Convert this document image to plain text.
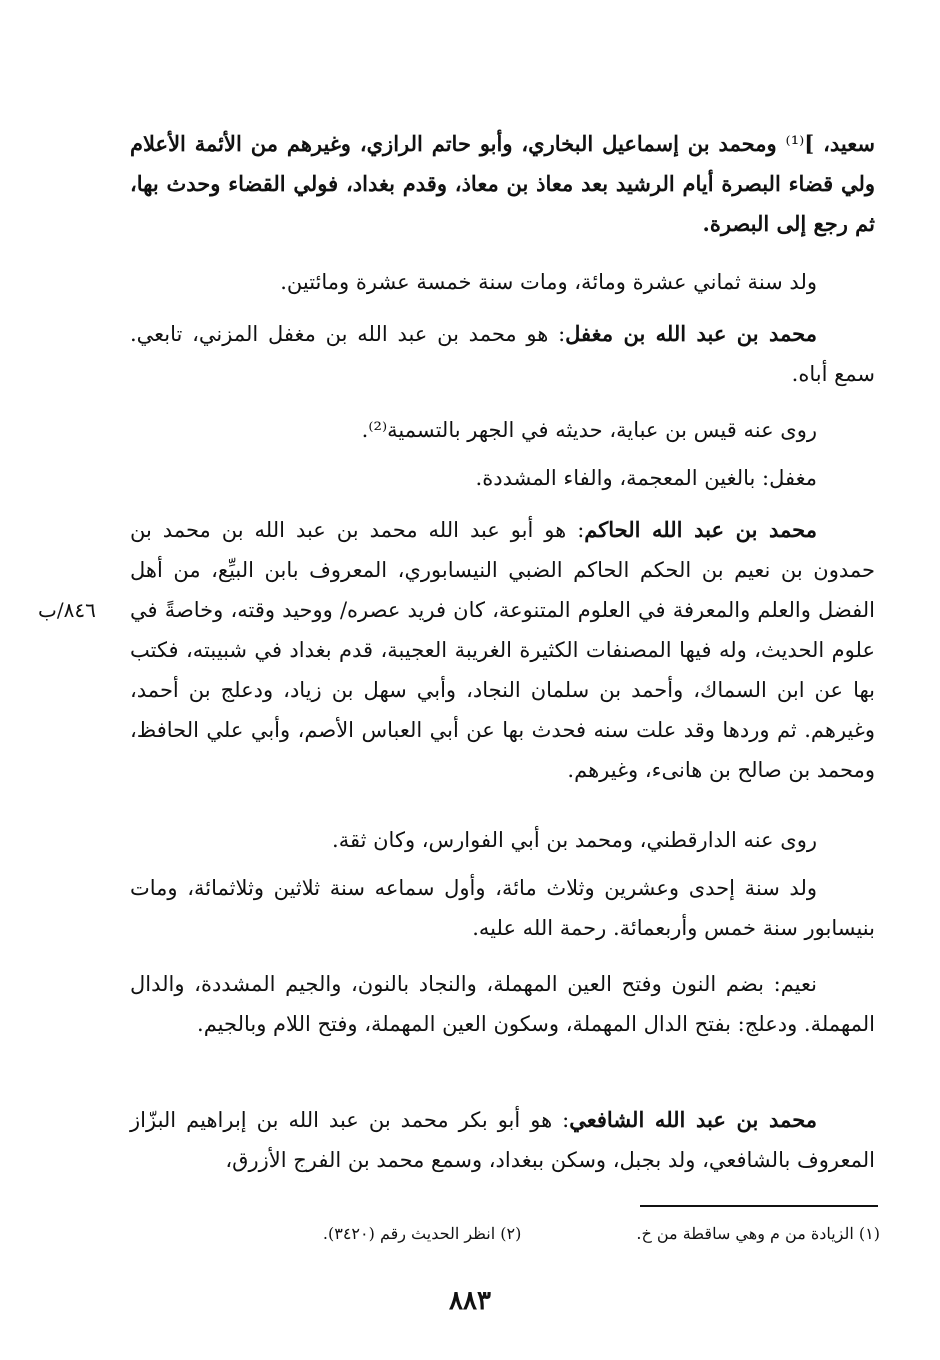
سعيد، ]⁽¹⁾ ومحمد بن إسماعيل البخاري، وأبو حاتم الرازي، وغيرهم من الأئمة الأعلام ولي قضاء البصرة أيام الرشيد بعد معاذ بن معاذ، وقدم بغداد، فولي القضاء وحدث بها، ثم رجع إلى البصرة.
ولد سنة ثماني عشرة ومائة، ومات سنة خمسة عشرة ومائتين.
محمد بن عبد الله بن مغفل: هو محمد بن عبد الله بن مغفل المزني، تابعي. سمع أباه.
روى عنه قيس بن عباية، حديثه في الجهر بالتسمية⁽²⁾.
مغفل: بالغين المعجمة، والفاء المشددة.
محمد بن عبد الله الحاكم: هو أبو عبد الله محمد بن عبد الله بن محمد بن حمدون بن نعيم بن الحكم الحاكم الضبي النيسابوري، المعروف بابن البيِّع، من أهل الفضل والعلم والمعرفة في العلوم المتنوعة، كان فريد عصره/ ووحيد وقته، وخاصةً في علوم الحديث، وله فيها المصنفات الكثيرة الغريبة العجيبة، قدم بغداد في شبيبته، فكتب بها عن ابن السماك، وأحمد بن سلمان النجاد، وأبي سهل بن زياد، ودعلج بن أحمد، وغيرهم. ثم وردها وقد علت سنه فحدث بها عن أبي العباس الأصم، وأبي علي الحافظ، ومحمد بن صالح بن هانىء، وغيرهم.
روى عنه الدارقطني، ومحمد بن أبي الفوارس، وكان ثقة.
ولد سنة إحدى وعشرين وثلاث مائة، وأول سماعه سنة ثلاثين وثلاثمائة، ومات بنيسابور سنة خمس وأربعمائة. رحمة الله عليه.
نعيم: بضم النون وفتح العين المهملة، والنجاد بالنون، والجيم المشددة، والدال المهملة. ودعلج: بفتح الدال المهملة، وسكون العين المهملة، وفتح اللام وبالجيم.
محمد بن عبد الله الشافعي: هو أبو بكر محمد بن عبد الله بن إبراهيم البزّاز المعروف بالشافعي، ولد بجبل، وسكن ببغداد، وسمع محمد بن الفرج الأزرق،
٨٤٦/ب
(١) الزيادة من م وهي ساقطة من خ.
(٢) انظر الحديث رقم (٣٤٢٠).
٨٨٣
